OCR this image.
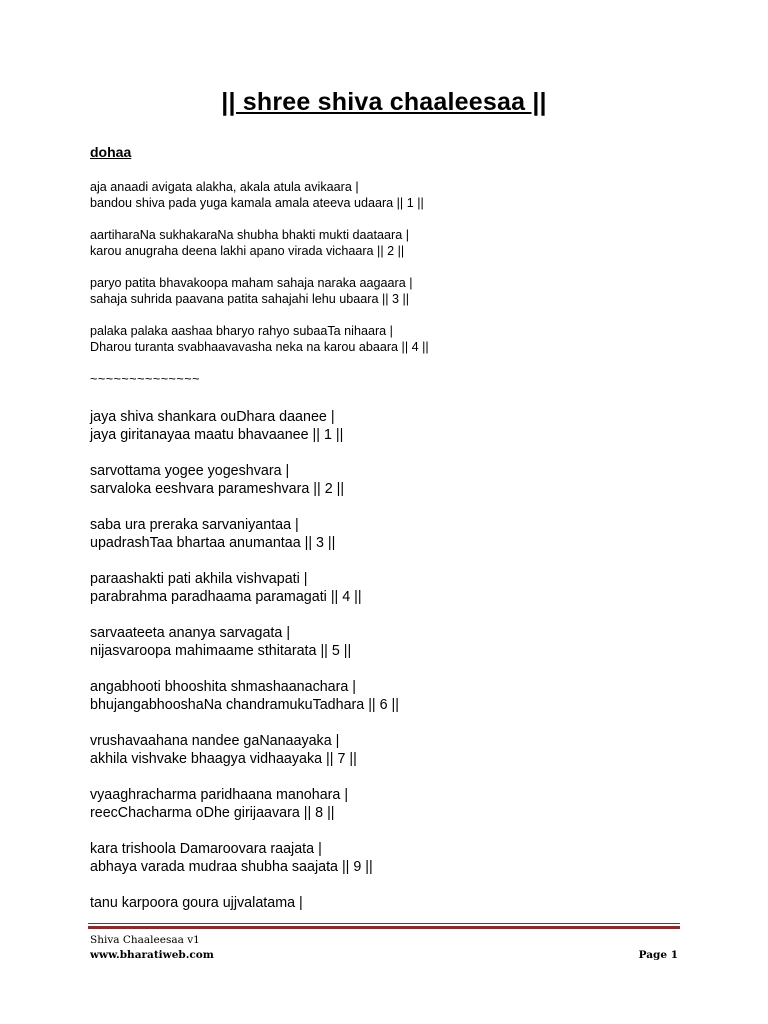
|| shree shiva chaaleesaa ||
dohaa
aja anaadi avigata alakha, akala atula avikaara |
bandou shiva pada yuga kamala amala ateeva udaara || 1 ||
aartiharaNa sukhakaraNa shubha bhakti mukti daataara |
karou anugraha deena lakhi apano virada vichaara || 2 ||
paryo patita bhavakoopa maham sahaja naraka aagaara |
sahaja suhrida paavana patita sahajahi lehu ubaara || 3 ||
palaka palaka aashaa bharyo rahyo subaaTa nihaara |
Dharou turanta svabhaavavasha neka na karou abaara || 4 ||
~~~~~~~~~~~~~~
jaya shiva shankara ouDhara daanee |
jaya giritanayaa maatu bhavaanee || 1 ||
sarvottama yogee yogeshvara |
sarvaloka eeshvara parameshvara || 2 ||
saba ura preraka sarvaniyantaa |
upadrashTaa bhartaa anumantaa || 3 ||
paraashakti pati akhila vishvapati |
parabrahma paradhaama paramagati || 4 ||
sarvaateeta ananya sarvagata |
nijasvaroopa mahimaame sthitarata || 5 ||
angabhooti bhooshita shmashaanachara |
bhujangabhooshaNa chandramukuTadhara || 6 ||
vrushavaahana nandee gaNanaayaka |
akhila vishvake bhaagya vidhaayaka || 7 ||
vyaaghracharma paridhaana manohara |
reecChacharma oDhe girijaavara || 8 ||
kara trishoola Damaroovara raajata |
abhaya varada mudraa shubha saajata || 9 ||
tanu karpoora goura ujjvalatama |
Shiva Chaaleesaa v1
www.bharatiweb.com	Page 1
